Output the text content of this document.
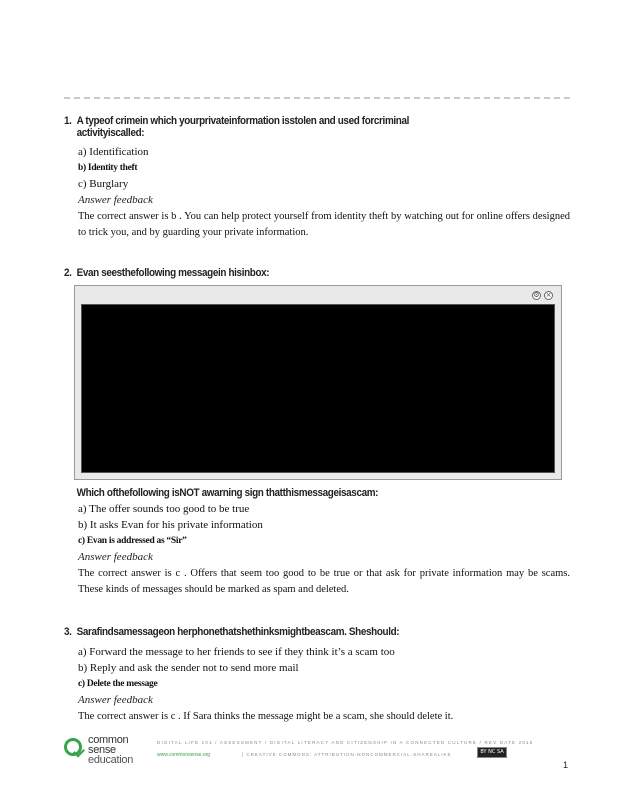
1. A typeof crimein which yourprivateinformation isstolen and used forcriminal
activityiscalled:
a) Identification
b) Identity theft
c) Burglary
Answer feedback
The correct answer is b . You can help protect yourself from identity theft by watching out for online offers designed to trick you, and by guarding your private information.
2. Evan seesthefollowing messagein hisinbox:
⚙ ×
Which ofthefollowing isNOT awarning sign thatthismessageisascam:
a) The offer sounds too good to be true
b) It asks Evan for his private information
c) Evan is addressed as “Sir”
Answer feedback
The correct answer is c . Offers that seem too good to be true or that ask for private information may be scams. These kinds of messages should be marked as spam and deleted.
3. Sarafindsamessageon herphonethatshethinksmightbeascam. Sheshould:
a) Forward the message to her friends to see if they think it’s a scam too
b) Reply and ask the sender not to send more mail
c) Delete the message
Answer feedback
The correct answer is c . If Sara thinks the message might be a scam, she should delete it.
common
sense
education
DIGITAL LIFE 101 / ASSESSMENT / DIGITAL LITERACY AND CITIZENSHIP IN A CONNECTED CULTURE / REV DATE 2015
www.commonsense.org	| CREATIVE COMMONS: ATTRIBUTION-NONCOMMERCIAL-SHAREALIKE	BY NC SA
1
